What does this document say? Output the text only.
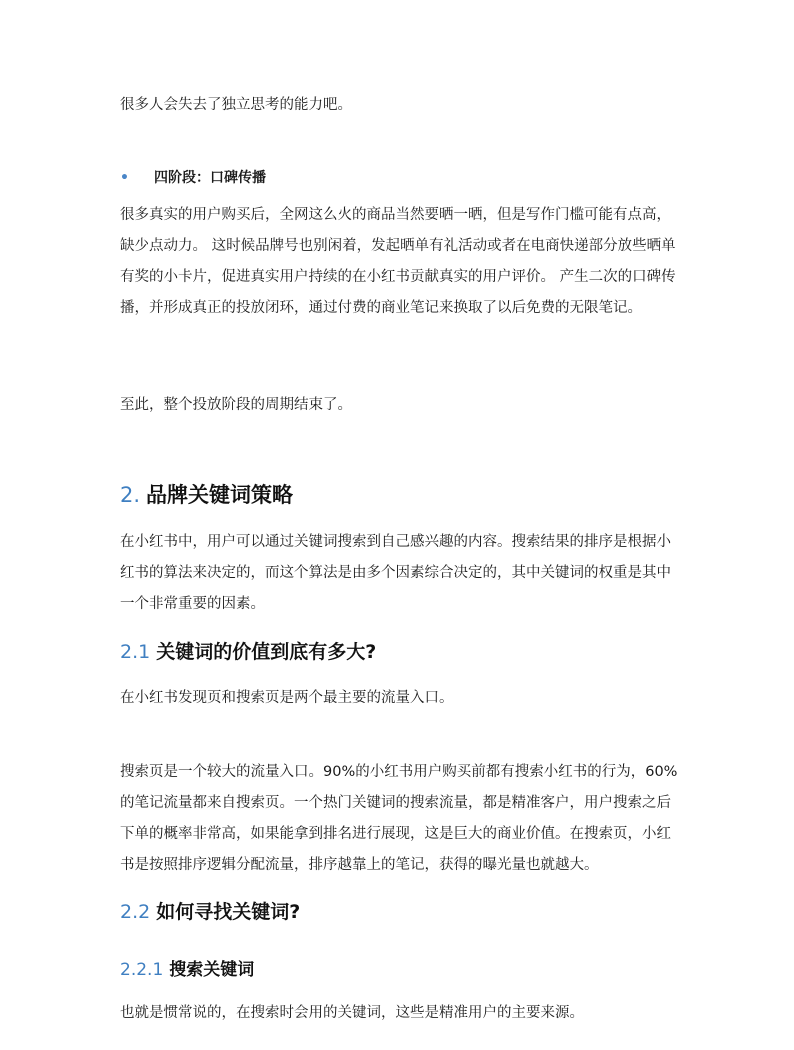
很多人会失去了独立思考的能力吧。

• 四阶段：口碑传播

很多真实的用户购买后，全网这么火的商品当然要晒一晒，但是写作门槛可能有点高，缺少点动力。 这时候品牌号也别闲着，发起晒单有礼活动或者在电商快递部分放些晒单有奖的小卡片，促进真实用户持续的在小红书贡献真实的用户评价。 产生二次的口碑传播，并形成真正的投放闭环，通过付费的商业笔记来换取了以后免费的无限笔记。

至此，整个投放阶段的周期结束了。

2. 品牌关键词策略

在小红书中，用户可以通过关键词搜索到自己感兴趣的内容。搜索结果的排序是根据小红书的算法来决定的，而这个算法是由多个因素综合决定的，其中关键词的权重是其中一个非常重要的因素。

2.1 关键词的价值到底有多大?

在小红书发现页和搜索页是两个最主要的流量入口。

搜索页是一个较大的流量入口。90%的小红书用户购买前都有搜索小红书的行为，60%的笔记流量都来自搜索页。一个热门关键词的搜索流量，都是精准客户，用户搜索之后下单的概率非常高，如果能拿到排名进行展现，这是巨大的商业价值。在搜索页，小红书是按照排序逻辑分配流量，排序越靠上的笔记，获得的曝光量也就越大。

2.2 如何寻找关键词?
2.2.1 搜索关键词

也就是惯常说的，在搜索时会用的关键词，这些是精准用户的主要来源。
